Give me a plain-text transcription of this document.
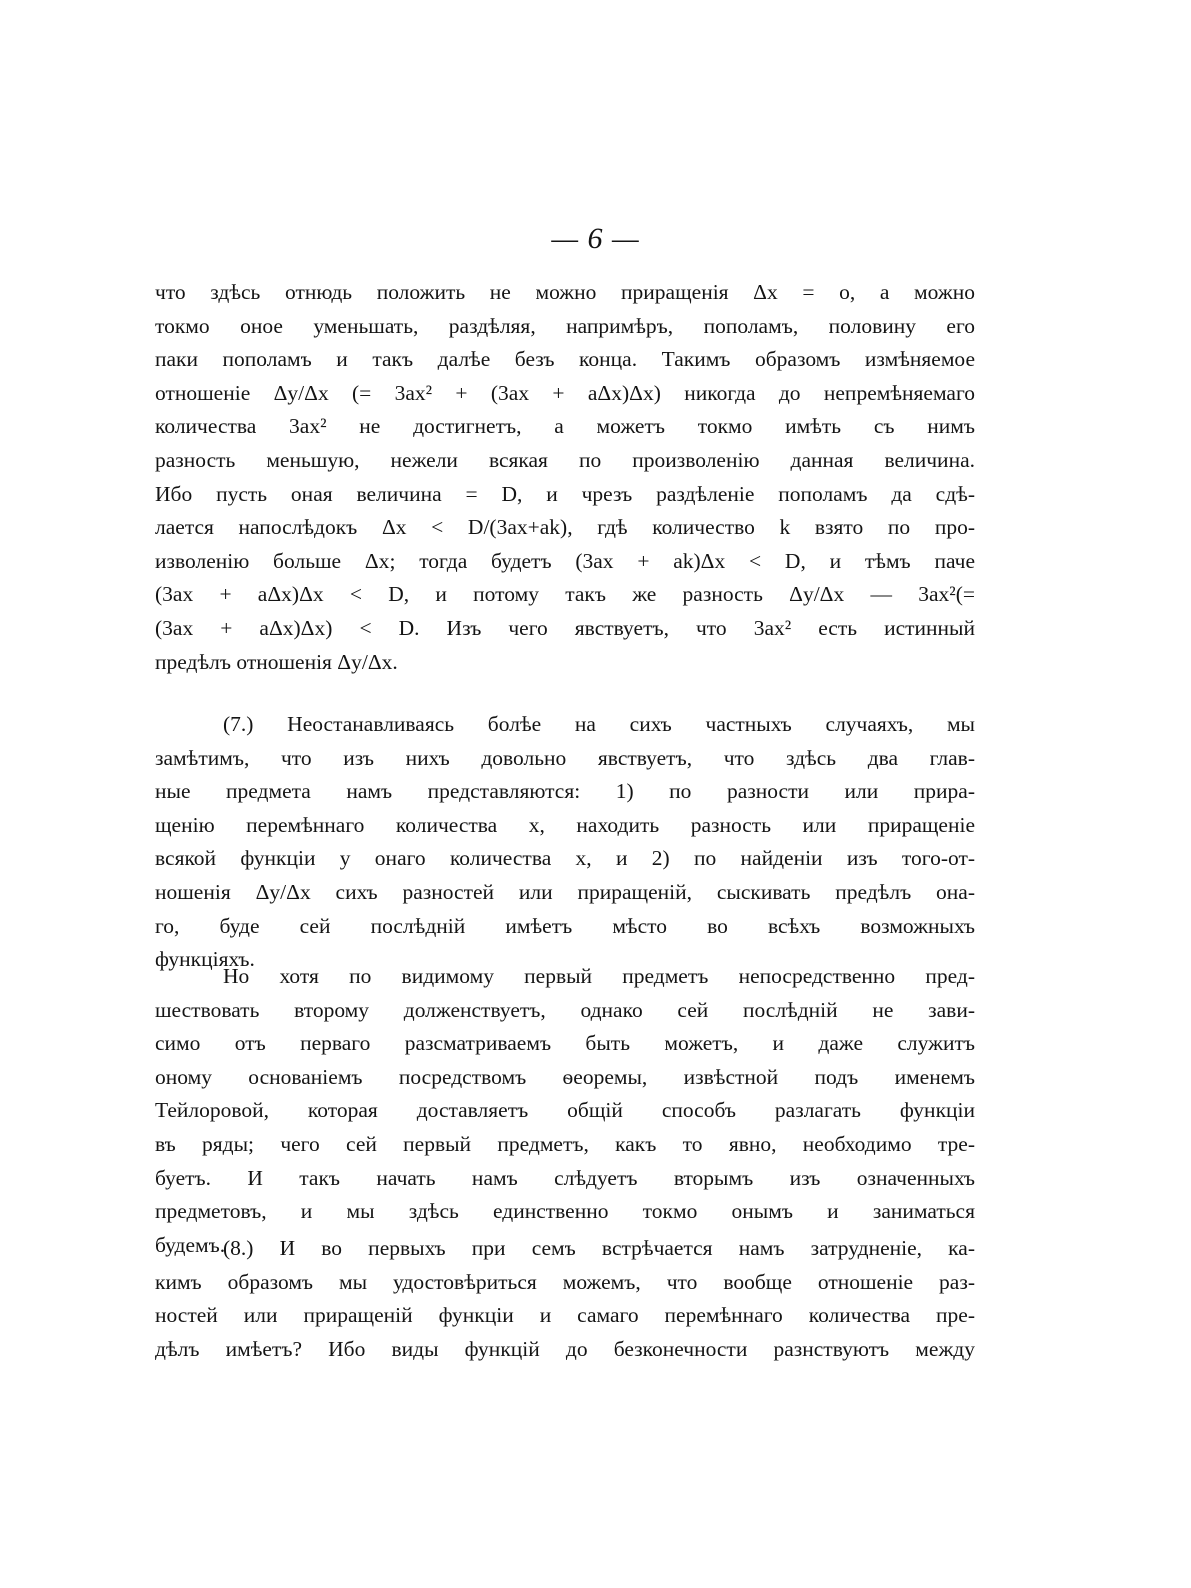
— 6 —
что здѣсь отнюдь положить не можно приращенія Δx = o, а можно
токмо оное уменьшать, раздѣляя, напримѣръ, пополамъ, половину его
паки пополамъ и такъ далѣе безъ конца. Такимъ образомъ измѣняемое
отношеніе Δy/Δx (= 3ax² + (3ax + aΔx)Δx) никогда до непремѣняемаго
количества 3ax² не достигнетъ, а можетъ токмо имѣть съ нимъ
разность меньшую, нежели всякая по произволенію данная величина.
Ибо пусть оная величина = D, и чрезъ раздѣленіе пополамъ да сдѣ-
лается напослѣдокъ Δx < D/(3ax+ak), гдѣ количество k взято по про-
изволенію больше Δx; тогда будетъ (3ax + ak)Δx < D, и тѣмъ паче
(3ax + aΔx)Δx < D, и потому такъ же разность Δy/Δx — 3ax²(=
(3ax + aΔx)Δx) < D. Изъ чего явствуетъ, что 3ax² есть истинный
предѣлъ отношенія Δy/Δx.
(7.) Неостанавливаясь болѣе на сихъ частныхъ случаяхъ, мы
замѣтимъ, что изъ нихъ довольно явствуетъ, что здѣсь два глав-
ные предмета намъ представляются: 1) по разности или прира-
щенію перемѣннаго количества x, находить разность или приращеніе
всякой функціи y онаго количества x, и 2) по найденіи изъ того-от-
ношенія Δy/Δx сихъ разностей или приращеній, сыскивать предѣлъ она-
го, буде сей послѣдній имѣетъ мѣсто во всѣхъ возможныхъ
функціяхъ.
Но хотя по видимому первый предметъ непосредственно пред-
шествовать второму долженствуетъ, однако сей послѣдній не зави-
симо отъ перваго разсматриваемъ быть можетъ, и даже служитъ
оному основаніемъ посредствомъ ѳеоремы, извѣстной подъ именемъ
Тейлоровой, которая доставляетъ общій способъ разлагать функціи
въ ряды; чего сей первый предметъ, какъ то явно, необходимо тре-
буетъ. И такъ начать намъ слѣдуетъ вторымъ изъ означенныхъ
предметовъ, и мы здѣсь единственно токмо онымъ и заниматься
будемъ.
(8.) И во первыхъ при семъ встрѣчается намъ затрудненіе, ка-
кимъ образомъ мы удостовѣриться можемъ, что вообще отношеніе раз-
ностей или приращеній функціи и самаго перемѣннаго количества пре-
дѣлъ имѣетъ? Ибо виды функцій до безконечности разнствуютъ между
